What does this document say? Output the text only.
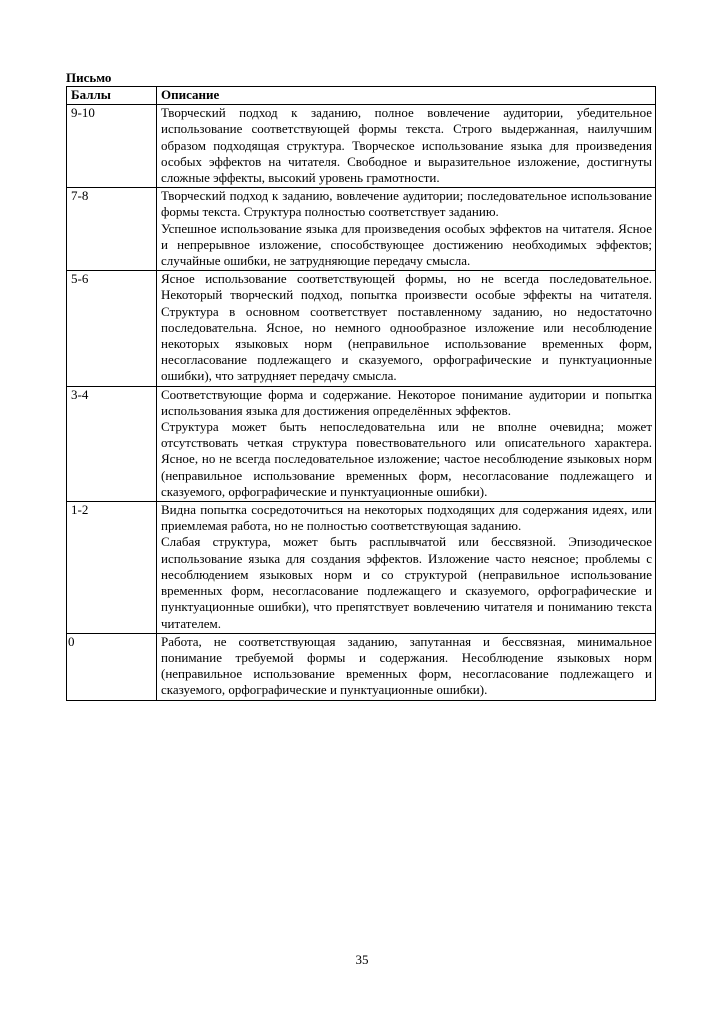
Письмо
Баллы	Описание
9-10	Творческий подход к заданию, полное вовлечение аудитории, убедительное использование соответствующей формы текста. Строго выдержанная, наилучшим образом подходящая структура. Творческое использование языка для произведения особых эффектов на читателя. Свободное и выразительное изложение, достигнуты сложные эффекты, высокий уровень грамотности.

7-8	Творческий подход к заданию, вовлечение аудитории; последовательное использование формы текста. Структура полностью соответствует заданию.

Успешное использование языка для произведения особых эффектов на читателя. Ясное и непрерывное изложение, способствующее достижению необходимых эффектов; случайные ошибки, не затрудняющие передачу смысла.

5-6	Ясное использование соответствующей формы, но не всегда последовательное. Некоторый творческий подход, попытка произвести особые эффекты на читателя. Структура в основном соответствует поставленному заданию, но недостаточно последовательна. Ясное, но немного однообразное изложение или несоблюдение некоторых языковых норм (неправильное использование временных форм, несогласование подлежащего и сказуемого, орфографические и пунктуационные ошибки), что затрудняет передачу смысла.

3-4	Соответствующие форма и содержание. Некоторое понимание аудитории и попытка использования языка для достижения определённых эффектов.

Структура может быть непоследовательна или не вполне очевидна; может отсутствовать четкая структура повествовательного или описательного характера. Ясное, но не всегда последовательное изложение; частое несоблюдение языковых норм (неправильное использование временных форм, несогласование подлежащего и сказуемого, орфографические и пунктуационные ошибки).

1-2	Видна попытка сосредоточиться на некоторых подходящих для содержания идеях, или приемлемая работа, но не полностью соответствующая заданию.

Слабая структура, может быть расплывчатой или бессвязной. Эпизодическое использование языка для создания эффектов. Изложение часто неясное; проблемы с несоблюдением языковых норм и со структурой (неправильное использование временных форм, несогласование подлежащего и сказуемого, орфографические и пунктуационные ошибки), что препятствует вовлечению читателя и пониманию текста читателем.

0	Работа, не соответствующая заданию, запутанная и бессвязная, минимальное понимание требуемой формы и содержания. Несоблюдение языковых норм (неправильное использование временных форм, несогласование подлежащего и сказуемого, орфографические и пунктуационные ошибки).

35
